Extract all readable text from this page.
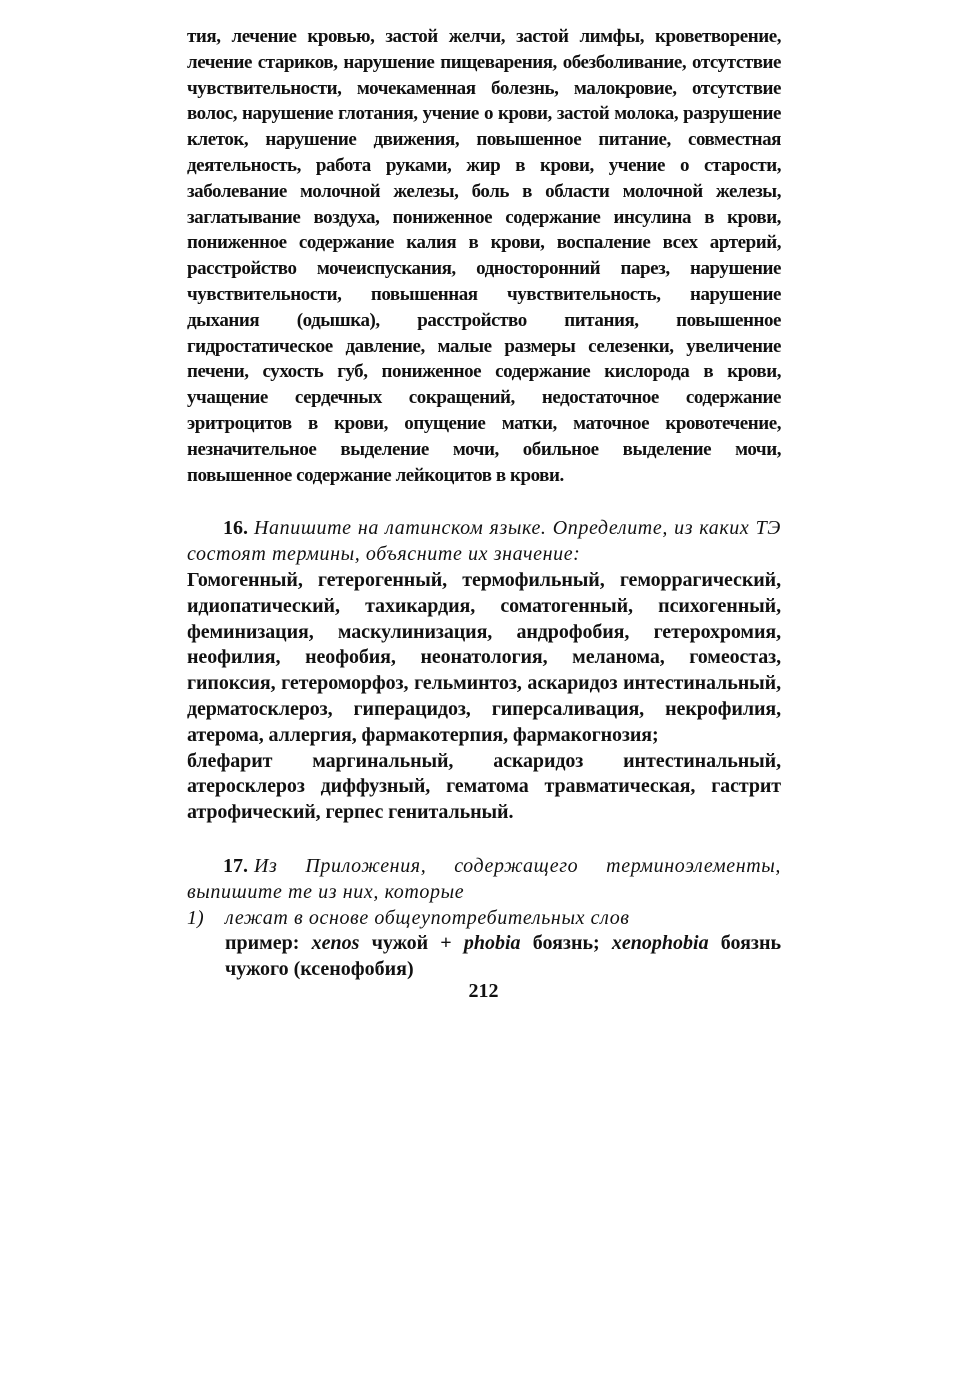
тия, лечение кровью, застой желчи, застой лимфы, кроветворение, лечение стариков, нарушение пищеварения, обезболивание, отсутствие чувствительности, мочекаменная болезнь, малокровие, отсутствие волос, нарушение глотания, учение о крови, застой молока, разрушение клеток, нарушение движения, повышенное питание, совместная деятельность, работа руками, жир в крови, учение о старости, заболевание молочной железы, боль в области молочной железы, заглатывание воздуха, пониженное содержание инсулина в крови, пониженное содержание калия в крови, воспаление всех артерий, расстройство мочеиспускания, односторонний парез, нарушение чувствительности, повышенная чувствительность, нарушение дыхания (одышка), расстройство питания, повышенное гидростатическое давление, малые размеры селезенки, увеличение печени, сухость губ, пониженное содержание кислорода в крови, учащение сердечных сокращений, недостаточное содержание эритроцитов в крови, опущение матки, маточное кровотечение, незначительное выделение мочи, обильное выделение мочи, повышенное содержание лейкоцитов в крови.

16. Напишите на латинском языке. Определите, из каких ТЭ состоят термины, объясните их значение:

Гомогенный, гетерогенный, термофильный, геморрагический, идиопатический, тахикардия, соматогенный, психогенный, феминизация, маскулинизация, андрофобия, гетерохромия, неофилия, неофобия, неонатология, меланома, гомеостаз, гипоксия, гетероморфоз, гельминтоз, аскаридоз интестинальный, дерматосклероз, гиперацидоз, гиперсаливация, некрофилия, атерома, аллергия, фармакотерпия, фармакогнозия;

блефарит маргинальный, аскаридоз интестинальный, атеросклероз диффузный, гематома травматическая, гастрит атрофический, герпес генитальный.

17. Из Приложения, содержащего терминоэлементы, выпишите те из них, которые

1) лежат в основе общеупотребительных слов

пример: xenos чужой + phobia боязнь; xenophobia боязнь чужого (ксенофобия)

212
